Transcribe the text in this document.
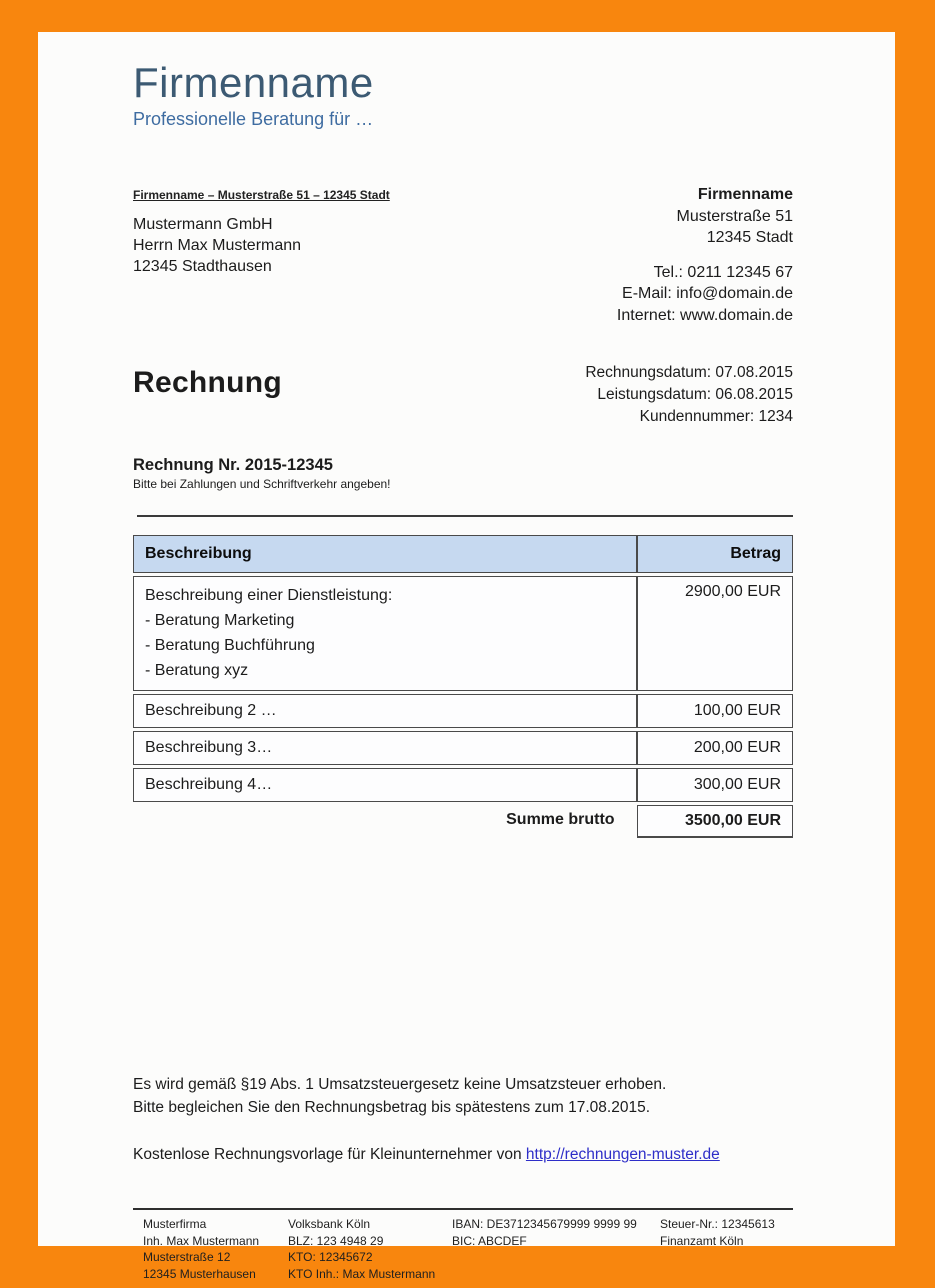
Firmenname
Professionelle Beratung für …
Firmenname – Musterstraße 51 – 12345 Stadt
Mustermann GmbH
Herrn Max Mustermann
12345 Stadthausen
Firmenname
Musterstraße 51
12345 Stadt
Tel.: 0211 12345 67
E-Mail: info@domain.de
Internet: www.domain.de
Rechnung	Rechnungsdatum: 07.08.2015
Leistungsdatum: 06.08.2015
Kundennummer: 1234
Rechnung Nr. 2015-12345
Bitte bei Zahlungen und Schriftverkehr angeben!
Beschreibung	Betrag

Beschreibung einer Dienstleistung:
- Beratung Marketing
- Beratung Buchführung
- Beratung xyz	2900,00 EUR
Beschreibung 2 …	100,00 EUR
Beschreibung 3…	200,00 EUR
Beschreibung 4…	300,00 EUR
Summe brutto	3500,00 EUR
Es wird gemäß §19 Abs. 1 Umsatzsteuergesetz keine Umsatzsteuer erhoben.
Bitte begleichen Sie den Rechnungsbetrag bis spätestens zum 17.08.2015.
Kostenlose Rechnungsvorlage für Kleinunternehmer von http://rechnungen-muster.de
Musterfirma
Inh. Max Mustermann
Musterstraße 12
12345 Musterhausen
Volksbank Köln
BLZ: 123 4948 29
KTO: 12345672
KTO Inh.: Max Mustermann
IBAN: DE3712345679999 9999 99
BIC: ABCDEF
Steuer-Nr.: 12345613
Finanzamt Köln
